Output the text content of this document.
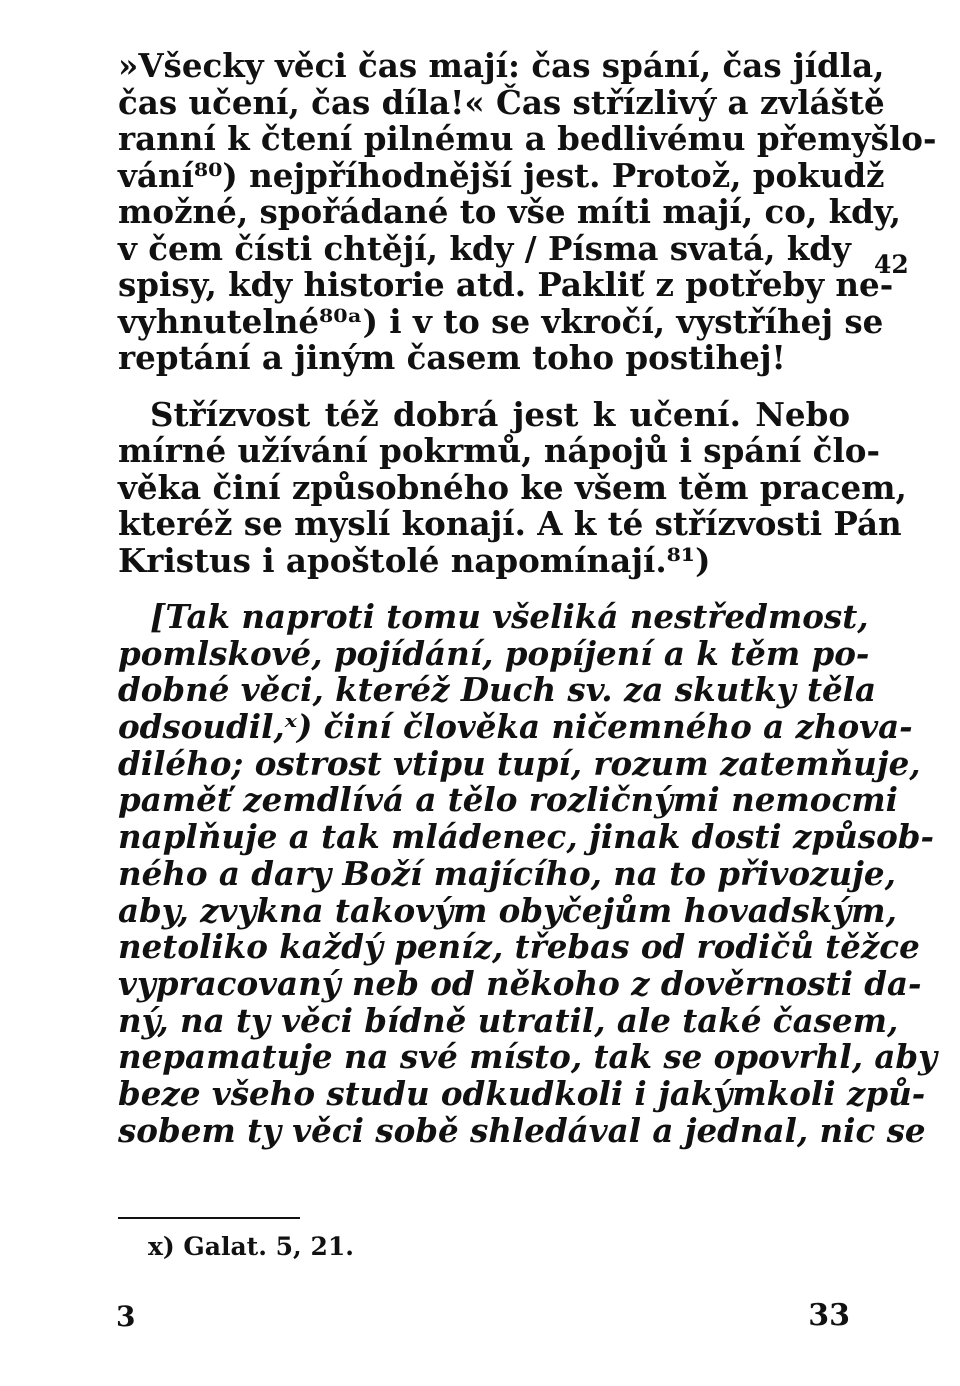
»Všecky věci čas mají: čas spání, čas jídla,
čas učení, čas díla!« Čas střízlivý a zvláště
ranní k čtení pilnému a bedlivému přemyšlo-
vání⁸⁰) nejpříhodnější jest. Protož, pokudž
možné, spořádané to vše míti mají, co, kdy,
v čem čísti chtějí, kdy / Písma svatá, kdy
spisy, kdy historie atd. Pakliť z potřeby ne-
vyhnutelné⁸⁰ᵃ) i v to se vkročí, vystříhej se
reptání a jiným časem toho postihej!
Střízvost též dobrá jest k učení. Nebo
mírné užívání pokrmů, nápojů i spání člo-
věka činí způsobného ke všem těm pracem,
kteréž se myslí konají. A k té střízvosti Pán
Kristus i apoštolé napomínají.⁸¹)
[Tak naproti tomu všeliká nestředmost,
pomlskové, pojídání, popíjení a k těm po-
dobné věci, kteréž Duch sv. za skutky těla
odsoudil,ˣ) činí člověka ničemného a zhova-
dilého; ostrost vtipu tupí, rozum zatemňuje,
paměť zemdlívá a tělo rozličnými nemocmi
naplňuje a tak mládenec, jinak dosti způsob-
ného a dary Boží majícího, na to přivozuje,
aby, zvykna takovým obyčejům hovadským,
netoliko každý peníz, třebas od rodičů těžce
vypracovaný neb od někoho z dověrnosti da-
ný, na ty věci bídně utratil, ale také časem,
nepamatuje na své místo, tak se opovrhl, aby
beze všeho studu odkudkoli i jakýmkoli způ-
sobem ty věci sobě shledával a jednal, nic se
42
x) Galat. 5, 21.
3	33
